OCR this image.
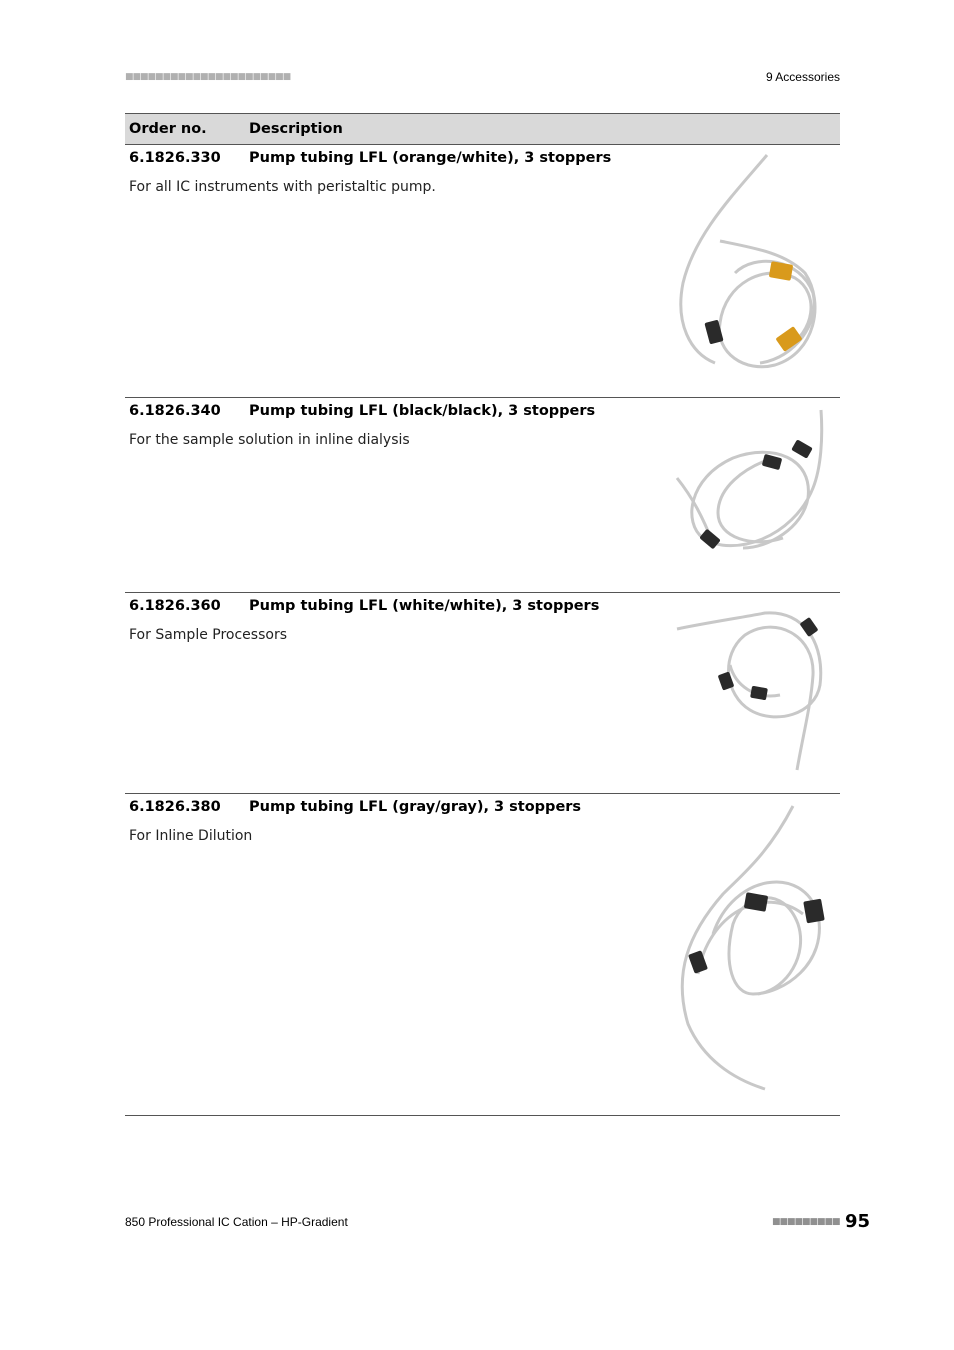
■■■■■■■■■■■■■■■■■■■■■■	9 Accessories
Order no.	Description
6.1826.330	Pump tubing LFL (orange/white), 3 stoppers
For all IC instruments with peristaltic pump.
6.1826.340	Pump tubing LFL (black/black), 3 stoppers
For the sample solution in inline dialysis
6.1826.360	Pump tubing LFL (white/white), 3 stoppers
For Sample Processors
6.1826.380	Pump tubing LFL (gray/gray), 3 stoppers
For Inline Dilution
850 Professional IC Cation – HP-Gradient	■■■■■■■■■ 95
